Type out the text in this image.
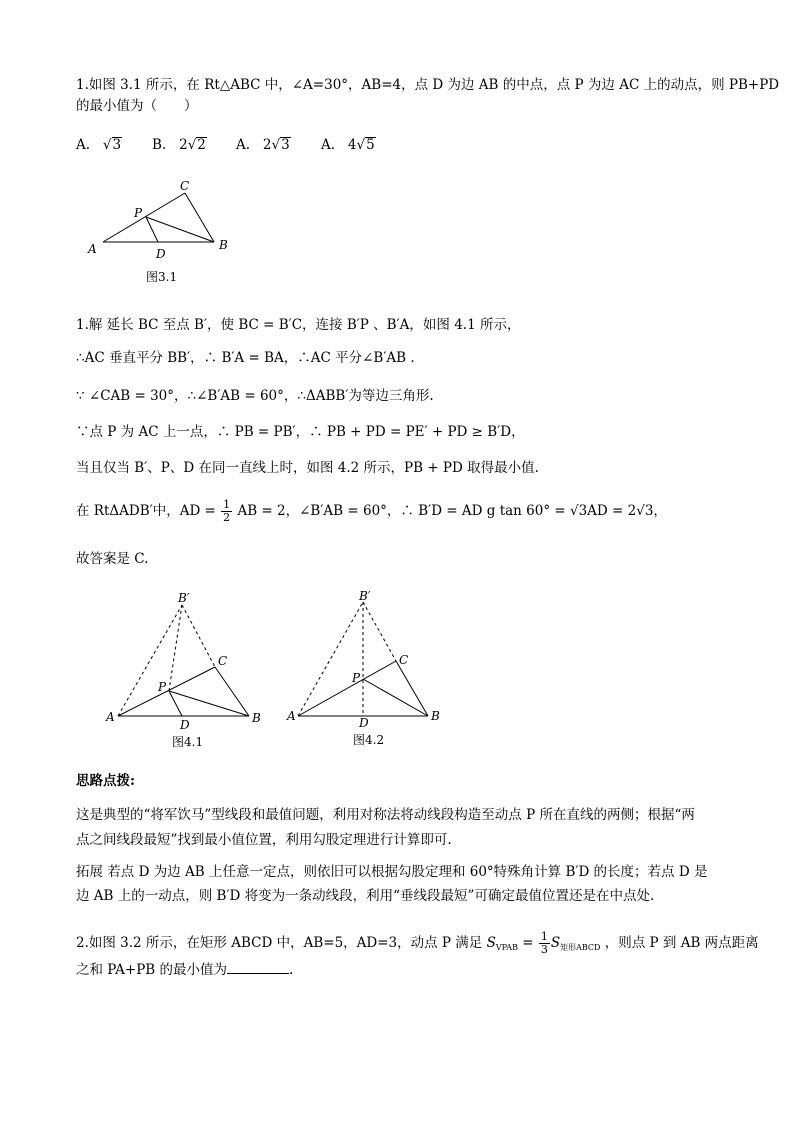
1.如图 3.1 所示，在 Rt△ABC 中，∠A=30°，AB=4，点 D 为边 AB 的中点，点 P 为边 AC 上的动点，则 PB+PD
的最小值为（　　）
A. √3 B. 2√2 A. 2√3 A. 4√5
A	B
C
D
P
图3.1
1.解 延长 BC 至点 B′，使 BC = B′C，连接 B′P 、B′A，如图 4.1 所示，
∴AC 垂直平分 BB′，∴ B′A = BA，∴AC 平分∠B′AB .
∵ ∠CAB = 30°，∴∠B′AB = 60°，∴ΔABB′为等边三角形.
∵点 P 为 AC 上一点，∴ PB = PB′，∴ PB + PD = PE′ + PD ≥ B′D，
当且仅当 B′、P、D 在同一直线上时，如图 4.2 所示，PB + PD 取得最小值.
在 RtΔADB′中，AD = $\frac{1}{2}$ AB = 2，∠B′AB = 60°，∴ B′D = AD g tan 60° = √3AD = 2√3，
故答案是 C.
A	B
C
D
P
B′
A	B
C
D
P
B′
图4.1	图4.2
思路点拨:
这是典型的“将军饮马”型线段和最值问题，利用对称法将动线段构造至动点 P 所在直线的两侧；根据“两
点之间线段最短”找到最小值位置，利用勾股定理进行计算即可.
拓展 若点 D 为边 AB 上任意一定点，则依旧可以根据勾股定理和 60°特殊角计算 B′D 的长度；若点 D 是
边 AB 上的一动点，则 B′D 将变为一条动线段，利用“垂线段最短”可确定最值位置还是在中点处.
2.如图 3.2 所示，在矩形 ABCD 中，AB=5，AD=3，动点 P 满足 $S_{VPAB} = \frac{1}{3} S_{矩形ABCD}$ ，则点 P 到 AB 两点距离
之和 PA+PB 的最小值为	.
